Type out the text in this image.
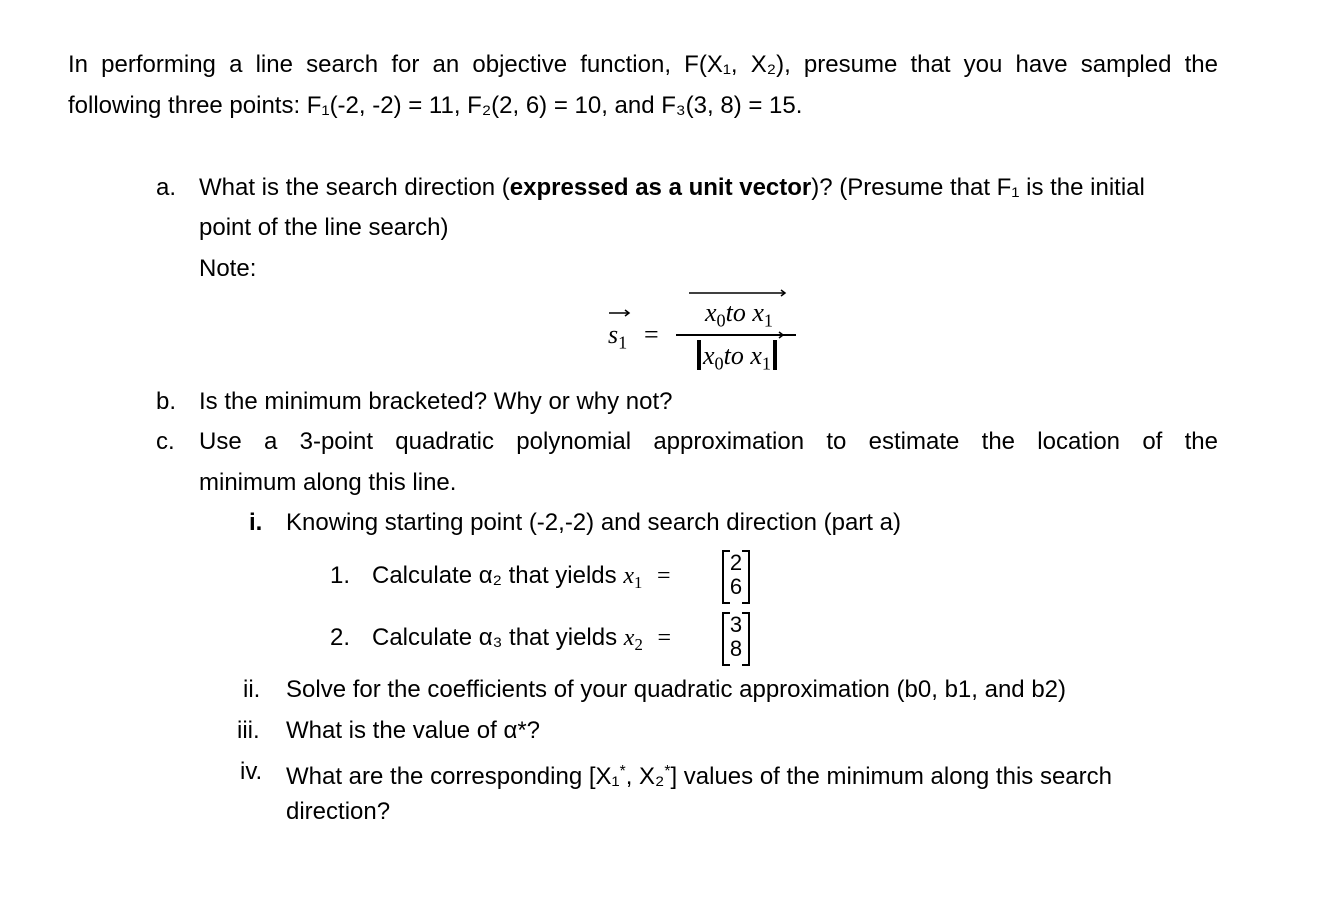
In performing a line search for an objective function, F(X₁, X₂), presume that you have sampled the
following three points: F₁(-2, -2) = 11, F₂(2, 6) = 10, and F₃(3, 8) = 15.
a. What is the search direction (expressed as a unit vector)? (Presume that F₁ is the initial
point of the line search)
Note:
$s_1$ =
$x_0to$ $x_1$
$x_0to$ $x_1$
b. Is the minimum bracketed? Why or why not?
c. Use a 3-point quadratic polynomial approximation to estimate the location of the
minimum along this line.
i. Knowing starting point (-2,-2) and search direction (part a)
1. Calculate α₂ that yields $x_1$ =
2
6
2. Calculate α₃ that yields $x_2$ =
3
8
ii. Solve for the coefficients of your quadratic approximation (b0, b1, and b2)
iii. What is the value of α*?
iv. What are the corresponding [X₁*, X₂*] values of the minimum along this search
direction?
